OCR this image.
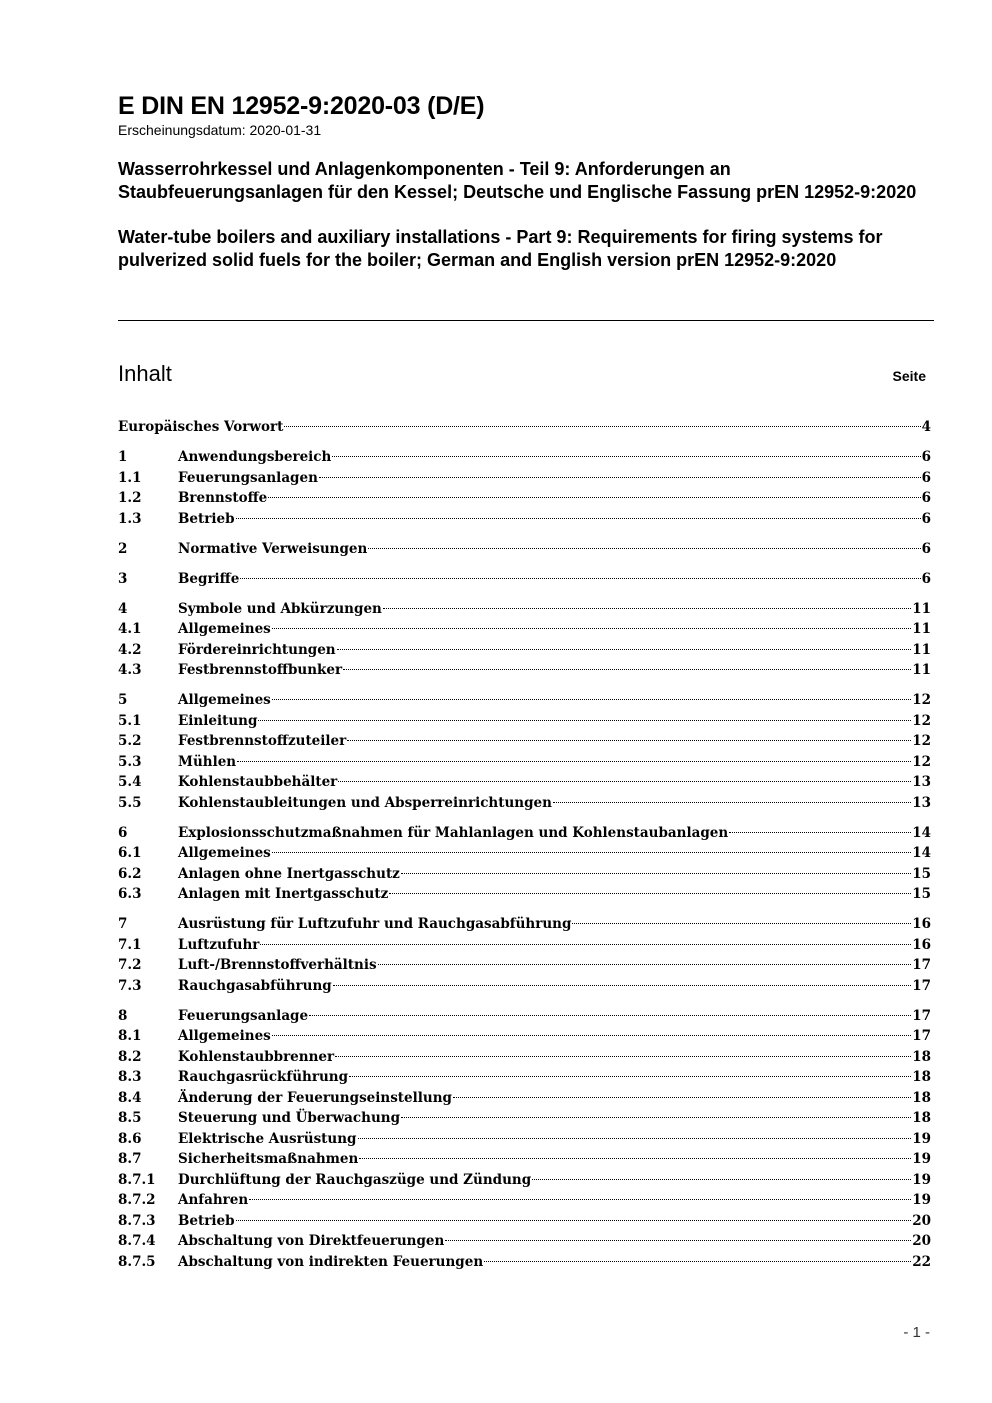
E DIN EN 12952-9:2020-03 (D/E)
Erscheinungsdatum: 2020-01-31
Wasserrohrkessel und Anlagenkomponenten - Teil 9: Anforderungen an Staubfeuerungsanlagen für den Kessel; Deutsche und Englische Fassung prEN 12952-9:2020
Water-tube boilers and auxiliary installations - Part 9: Requirements for firing systems for pulverized solid fuels for the boiler; German and English version prEN 12952-9:2020
Inhalt	Seite
Europäisches Vorwort	4
1	Anwendungsbereich	6
1.1	Feuerungsanlagen	6
1.2	Brennstoffe	6
1.3	Betrieb	6
2	Normative Verweisungen	6
3	Begriffe	6
4	Symbole und Abkürzungen	11
4.1	Allgemeines	11
4.2	Fördereinrichtungen	11
4.3	Festbrennstoffbunker	11
5	Allgemeines	12
5.1	Einleitung	12
5.2	Festbrennstoffzuteiler	12
5.3	Mühlen	12
5.4	Kohlenstaubbehälter	13
5.5	Kohlenstaubleitungen und Absperreinrichtungen	13
6	Explosionsschutzmaßnahmen für Mahlanlagen und Kohlenstaubanlagen	14
6.1	Allgemeines	14
6.2	Anlagen ohne Inertgasschutz	15
6.3	Anlagen mit Inertgasschutz	15
7	Ausrüstung für Luftzufuhr und Rauchgasabführung	16
7.1	Luftzufuhr	16
7.2	Luft-/Brennstoffverhältnis	17
7.3	Rauchgasabführung	17
8	Feuerungsanlage	17
8.1	Allgemeines	17
8.2	Kohlenstaubbrenner	18
8.3	Rauchgasrückführung	18
8.4	Änderung der Feuerungseinstellung	18
8.5	Steuerung und Überwachung	18
8.6	Elektrische Ausrüstung	19
8.7	Sicherheitsmaßnahmen	19
8.7.1	Durchlüftung der Rauchgaszüge und Zündung	19
8.7.2	Anfahren	19
8.7.3	Betrieb	20
8.7.4	Abschaltung von Direktfeuerungen	20
8.7.5	Abschaltung von indirekten Feuerungen	22
- 1 -
